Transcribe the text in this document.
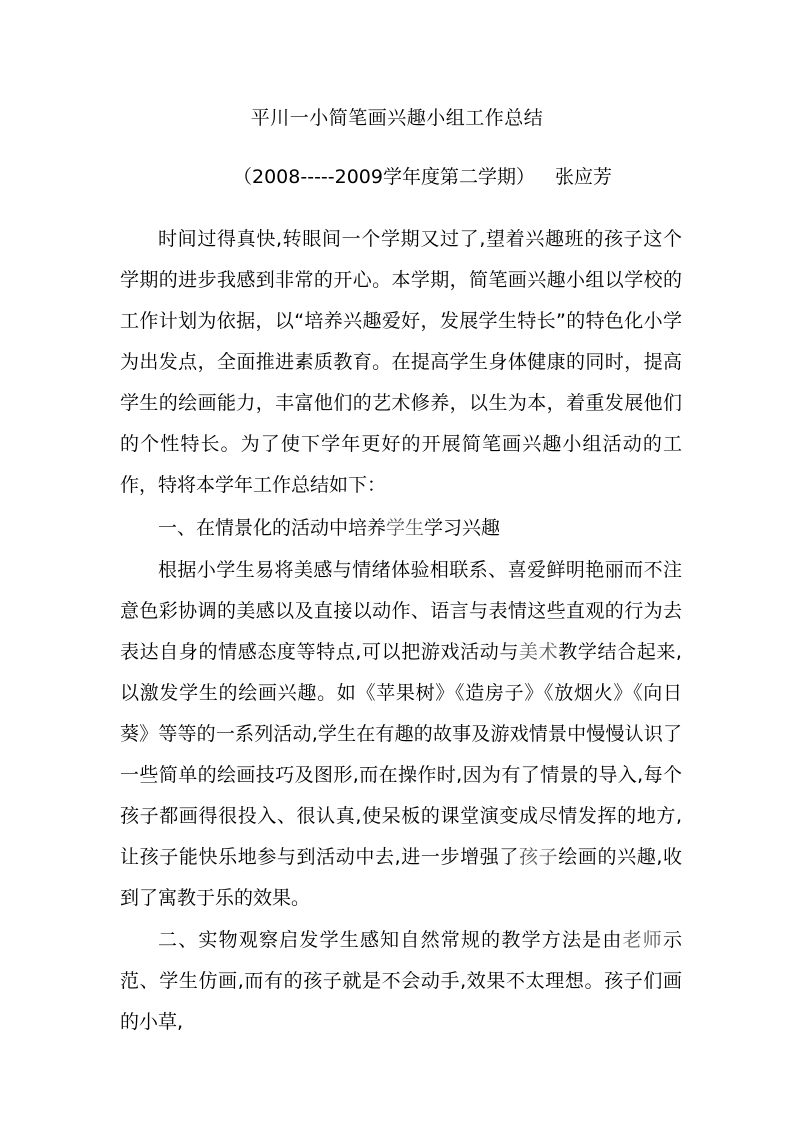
平川一小简笔画兴趣小组工作总结
（2008-----2009学年度第二学期） 张应芳

时间过得真快,转眼间一个学期又过了,望着兴趣班的孩子这个学期的进步我感到非常的开心。本学期，简笔画兴趣小组以学校的工作计划为依据，以“培养兴趣爱好，发展学生特长”的特色化小学为出发点，全面推进素质教育。在提高学生身体健康的同时，提高学生的绘画能力，丰富他们的艺术修养，以生为本，着重发展他们的个性特长。为了使下学年更好的开展简笔画兴趣小组活动的工作，特将本学年工作总结如下：

一、在情景化的活动中培养学生学习兴趣

根据小学生易将美感与情绪体验相联系、喜爱鲜明艳丽而不注意色彩协调的美感以及直接以动作、语言与表情这些直观的行为去表达自身的情感态度等特点,可以把游戏活动与美术教学结合起来,以激发学生的绘画兴趣。如《苹果树》《造房子》《放烟火》《向日葵》等等的一系列活动,学生在有趣的故事及游戏情景中慢慢认识了一些简单的绘画技巧及图形,而在操作时,因为有了情景的导入,每个孩子都画得很投入、很认真,使呆板的课堂演变成尽情发挥的地方,让孩子能快乐地参与到活动中去,进一步增强了孩子绘画的兴趣,收到了寓教于乐的效果。

二、实物观察启发学生感知自然常规的教学方法是由老师示范、学生仿画,而有的孩子就是不会动手,效果不太理想。孩子们画的小草,
